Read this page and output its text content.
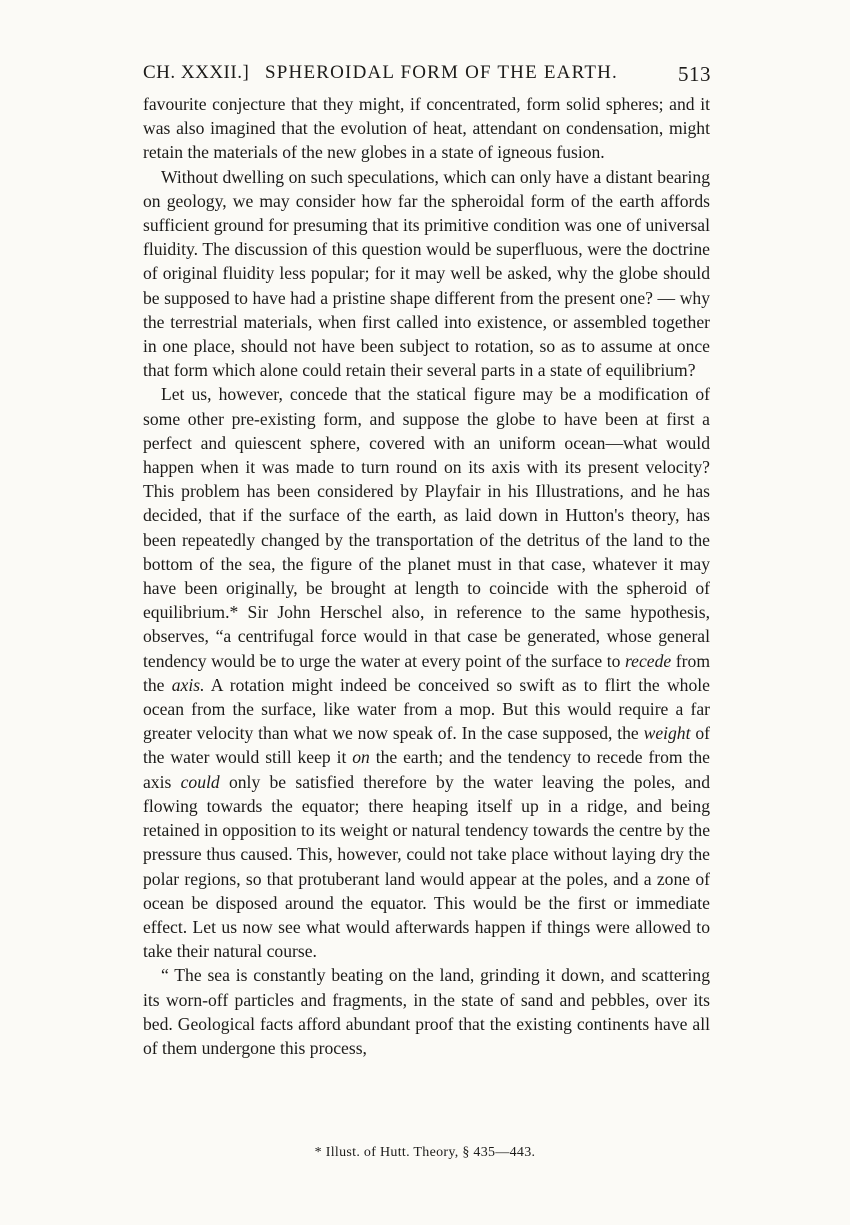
CH. XXXII.] SPHEROIDAL FORM OF THE EARTH.	513

favourite conjecture that they might, if concentrated, form solid spheres; and it was also imagined that the evolution of heat, attendant on condensation, might retain the materials of the new globes in a state of igneous fusion.

Without dwelling on such speculations, which can only have a distant bearing on geology, we may consider how far the spheroidal form of the earth affords sufficient ground for presuming that its primitive condition was one of universal fluidity. The discussion of this question would be superfluous, were the doctrine of original fluidity less popular; for it may well be asked, why the globe should be supposed to have had a pristine shape different from the present one? — why the terrestrial materials, when first called into existence, or assembled together in one place, should not have been subject to rotation, so as to assume at once that form which alone could retain their several parts in a state of equilibrium?

Let us, however, concede that the statical figure may be a modification of some other pre-existing form, and suppose the globe to have been at first a perfect and quiescent sphere, covered with an uniform ocean—what would happen when it was made to turn round on its axis with its present velocity? This problem has been considered by Playfair in his Illustrations, and he has decided, that if the surface of the earth, as laid down in Hutton's theory, has been repeatedly changed by the transportation of the detritus of the land to the bottom of the sea, the figure of the planet must in that case, whatever it may have been originally, be brought at length to coincide with the spheroid of equilibrium.* Sir John Herschel also, in reference to the same hypothesis, observes, “a centrifugal force would in that case be generated, whose general tendency would be to urge the water at every point of the surface to recede from the axis. A rotation might indeed be conceived so swift as to flirt the whole ocean from the surface, like water from a mop. But this would require a far greater velocity than what we now speak of. In the case supposed, the weight of the water would still keep it on the earth; and the tendency to recede from the axis could only be satisfied therefore by the water leaving the poles, and flowing towards the equator; there heaping itself up in a ridge, and being retained in opposition to its weight or natural tendency towards the centre by the pressure thus caused. This, however, could not take place without laying dry the polar regions, so that protuberant land would appear at the poles, and a zone of ocean be disposed around the equator. This would be the first or immediate effect. Let us now see what would afterwards happen if things were allowed to take their natural course.

“ The sea is constantly beating on the land, grinding it down, and scattering its worn-off particles and fragments, in the state of sand and pebbles, over its bed. Geological facts afford abundant proof that the existing continents have all of them undergone this process,

* Illust. of Hutt. Theory, § 435—443.
